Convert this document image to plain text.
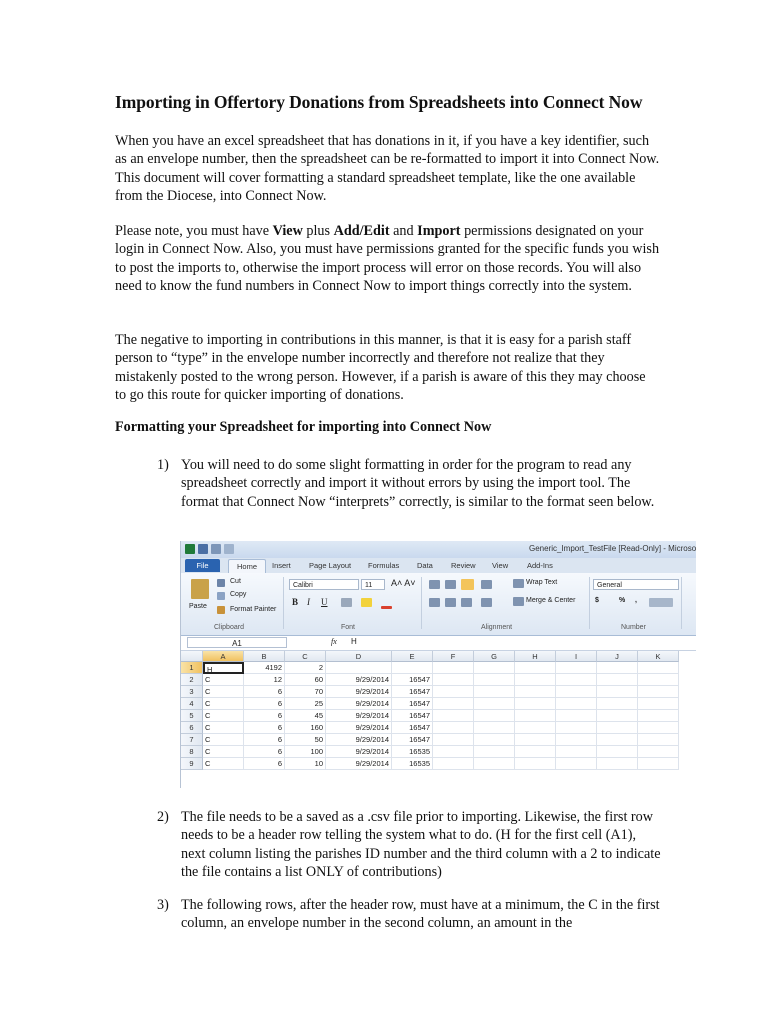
Importing in Offertory Donations from Spreadsheets into Connect Now

When you have an excel spreadsheet that has donations in it, if you have a key identifier, such as an envelope number, then the spreadsheet can be re-formatted to import it into Connect Now. This document will cover formatting a standard spreadsheet template, like the one available from the Diocese, into Connect Now.

Please note, you must have View plus Add/Edit and Import permissions designated on your login in Connect Now. Also, you must have permissions granted for the specific funds you wish to post the imports to, otherwise the import process will error on those records. You will also need to know the fund numbers in Connect Now to import things correctly into the system.

The negative to importing in contributions in this manner, is that it is easy for a parish staff person to “type” in the envelope number incorrectly and therefore not realize that they mistakenly posted to the wrong person. However, if a parish is aware of this they may choose to go this route for quicker importing of donations.

Formatting your Spreadsheet for importing into Connect Now
1) You will need to do some slight formatting in order for the program to read any spreadsheet correctly and import it without errors by using the import tool. The format that Connect Now “interprets” correctly, is similar to the format seen below.
Generic_Import_TestFile [Read-Only] - Microso
File	Home	Insert Page Layout Formulas Data Review View	Add-Ins
Paste
Cut
Copy
Format Painter
Clipboard
Calibri	11	A˄ A˅
B I U
Font
Wrap Text
Merge & Center
Alignment
General
$	% ,
Number
A1	fx H
A	B	C	D	E	F	G	H	I	J	K
1	H	4192	2
2	C	12	60	9/29/2014	16547
3	C	6	70	9/29/2014	16547
4	C	6	25	9/29/2014	16547
5	C	6	45	9/29/2014	16547
6	C	6	160	9/29/2014	16547
7	C	6	50	9/29/2014	16547
8	C	6	100	9/29/2014	16535
9	C	6	10	9/29/2014	16535
2) The file needs to be a saved as a .csv file prior to importing. Likewise, the first row needs to be a header row telling the system what to do. (H for the first cell (A1), next column listing the parishes ID number and the third column with a 2 to indicate the file contains a list ONLY of contributions)
3) The following rows, after the header row, must have at a minimum, the C in the first column, an envelope number in the second column, an amount in the
